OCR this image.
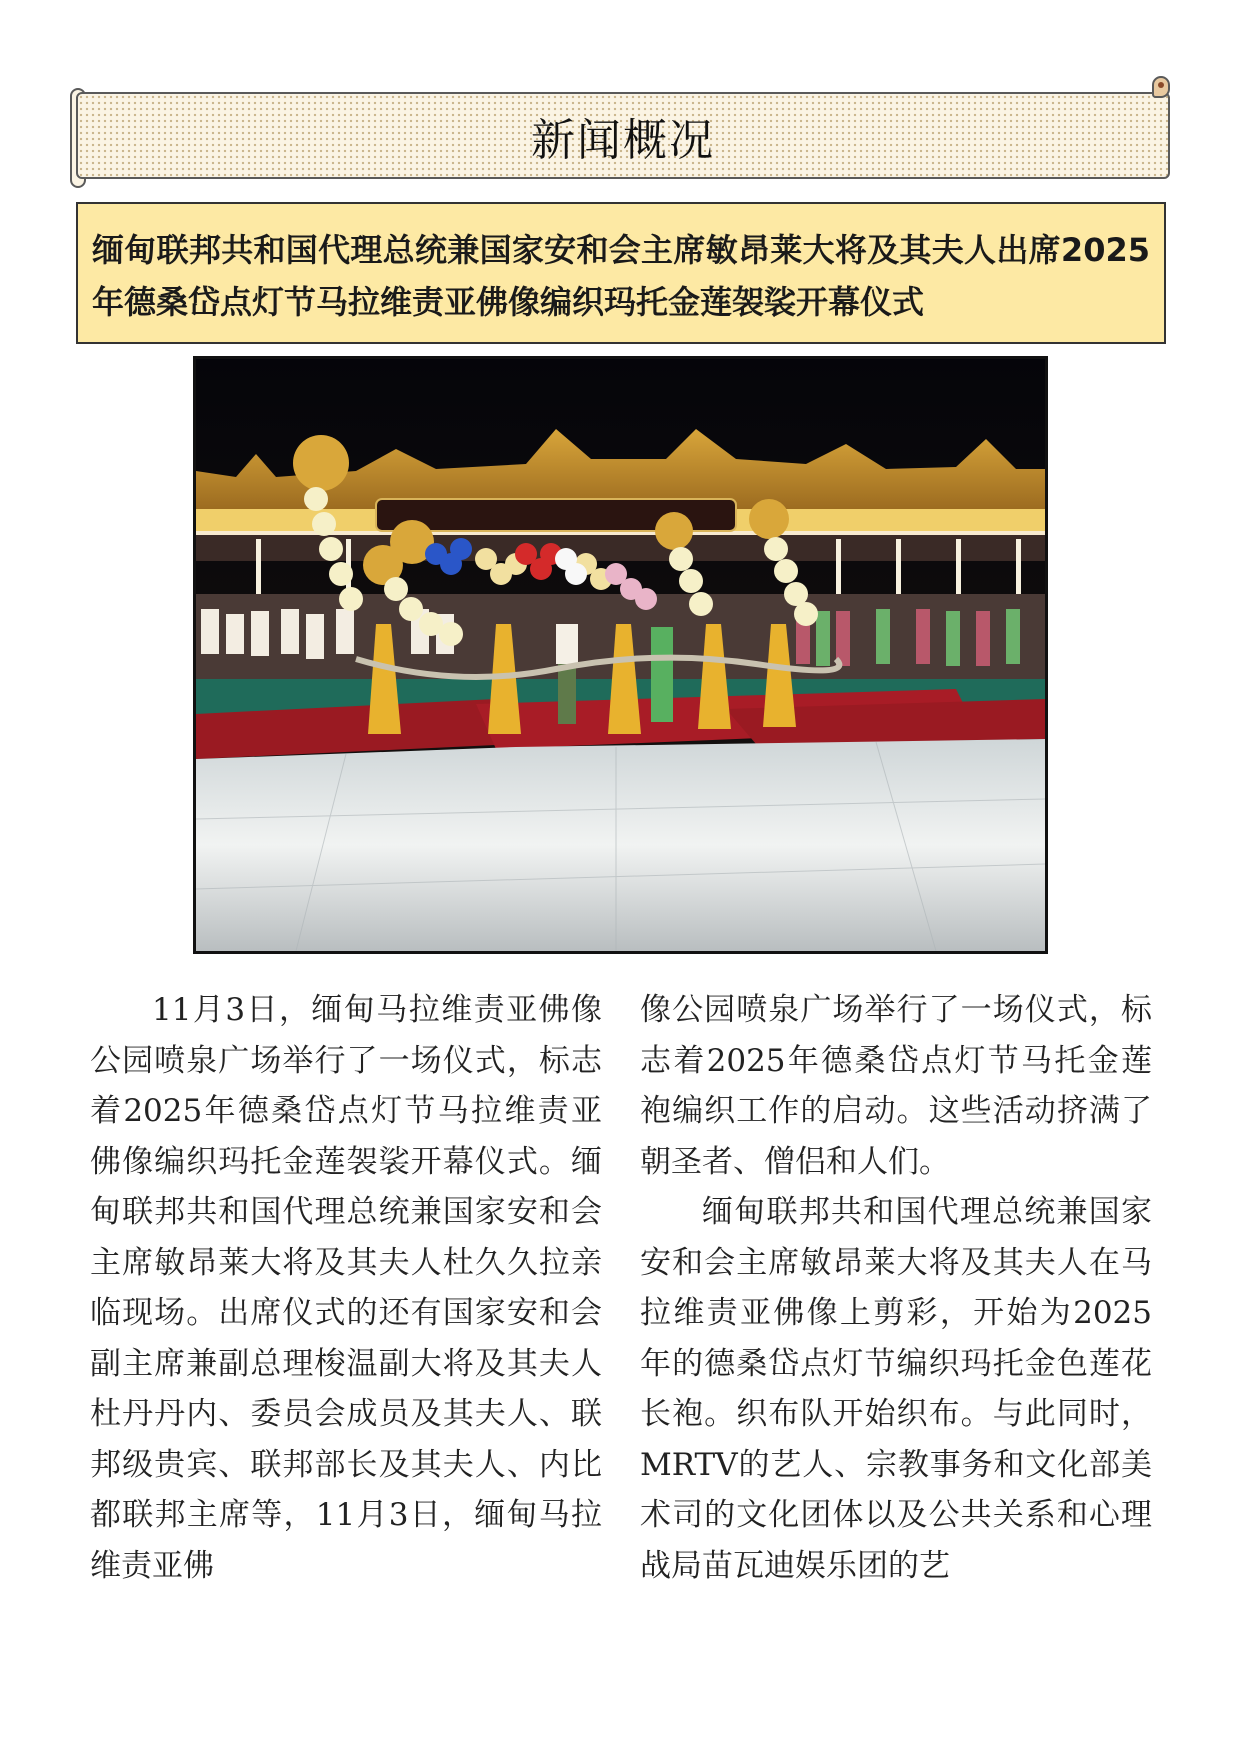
新闻概况
缅甸联邦共和国代理总统兼国家安和会主席敏昂莱大将及其夫人出席2025年德桑岱点灯节马拉维责亚佛像编织玛托金莲袈裟开幕仪式

11月3日，缅甸马拉维责亚佛像公园喷泉广场举行了一场仪式，标志着2025年德桑岱点灯节马拉维责亚佛像编织玛托金莲袈裟开幕仪式。缅甸联邦共和国代理总统兼国家安和会主席敏昂莱大将及其夫人杜久久拉亲临现场。出席仪式的还有国家安和会副主席兼副总理梭温副大将及其夫人杜丹丹内、委员会成员及其夫人、联邦级贵宾、联邦部长及其夫人、内比都联邦主席等，11月3日，缅甸马拉维责亚佛

像公园喷泉广场举行了一场仪式，标志着2025年德桑岱点灯节马托金莲袍编织工作的启动。这些活动挤满了朝圣者、僧侣和人们。

缅甸联邦共和国代理总统兼国家安和会主席敏昂莱大将及其夫人在马拉维责亚佛像上剪彩，开始为2025年的德桑岱点灯节编织玛托金色莲花长袍。织布队开始织布。与此同时，MRTV的艺人、宗教事务和文化部美术司的文化团体以及公共关系和心理战局苗瓦迪娱乐团的艺
